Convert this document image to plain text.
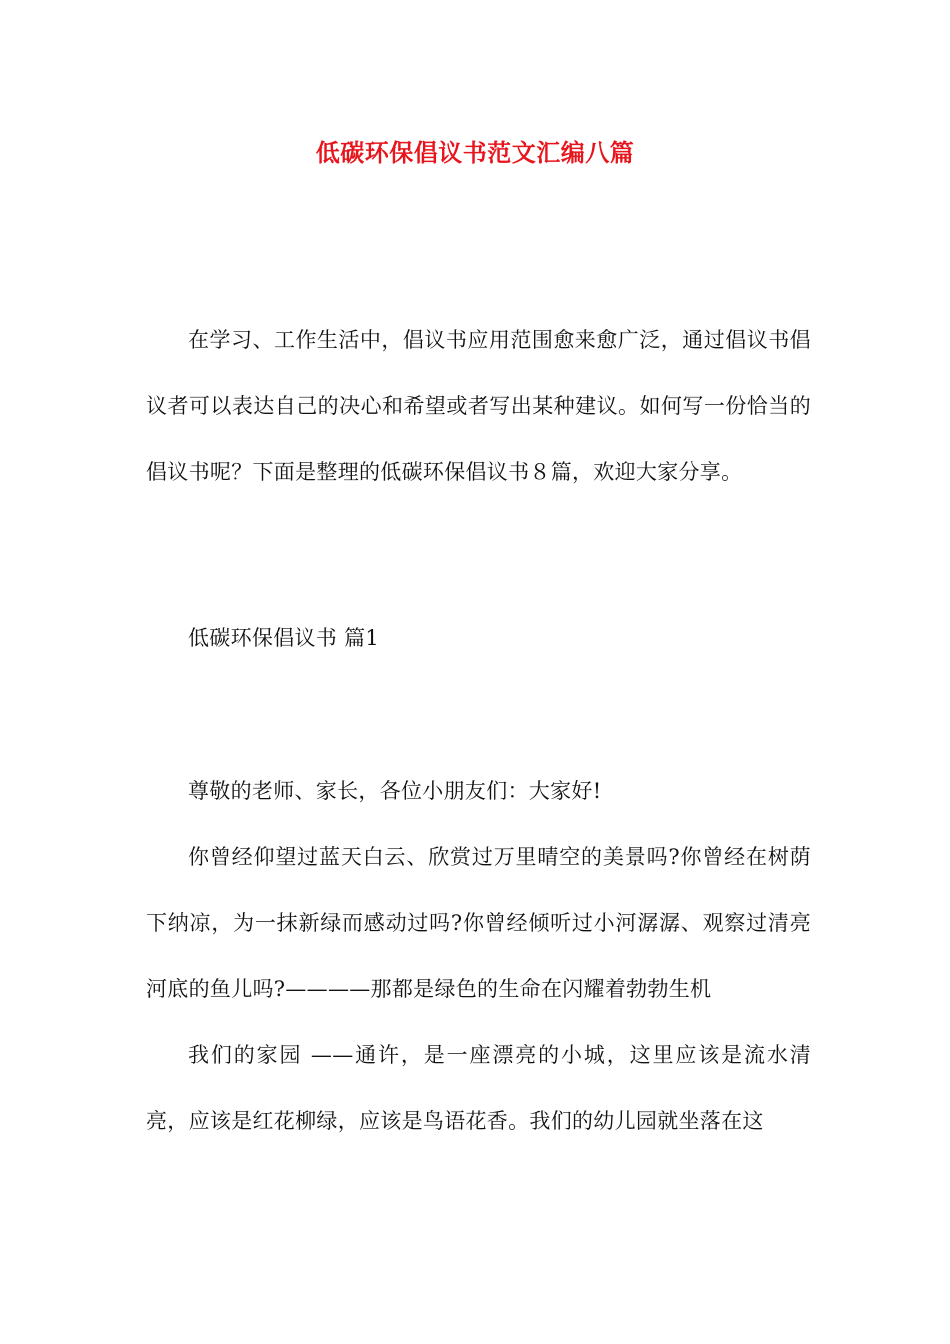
低碳环保倡议书范文汇编八篇

在学习、工作生活中，倡议书应用范围愈来愈广泛，通过倡议书倡议者可以表达自己的决心和希望或者写出某种建议。如何写一份恰当的倡议书呢？下面是整理的低碳环保倡议书８篇，欢迎大家分享。

低碳环保倡议书 篇1

尊敬的老师、家长，各位小朋友们：大家好!

你曾经仰望过蓝天白云、欣赏过万里晴空的美景吗?你曾经在树荫下纳凉，为一抹新绿而感动过吗?你曾经倾听过小河潺潺、观察过清亮河底的鱼儿吗?————那都是绿色的生命在闪耀着勃勃生机

我们的家园 ——通许，是一座漂亮的小城，这里应该是流水清亮，应该是红花柳绿，应该是鸟语花香。我们的幼儿园就坐落在这
